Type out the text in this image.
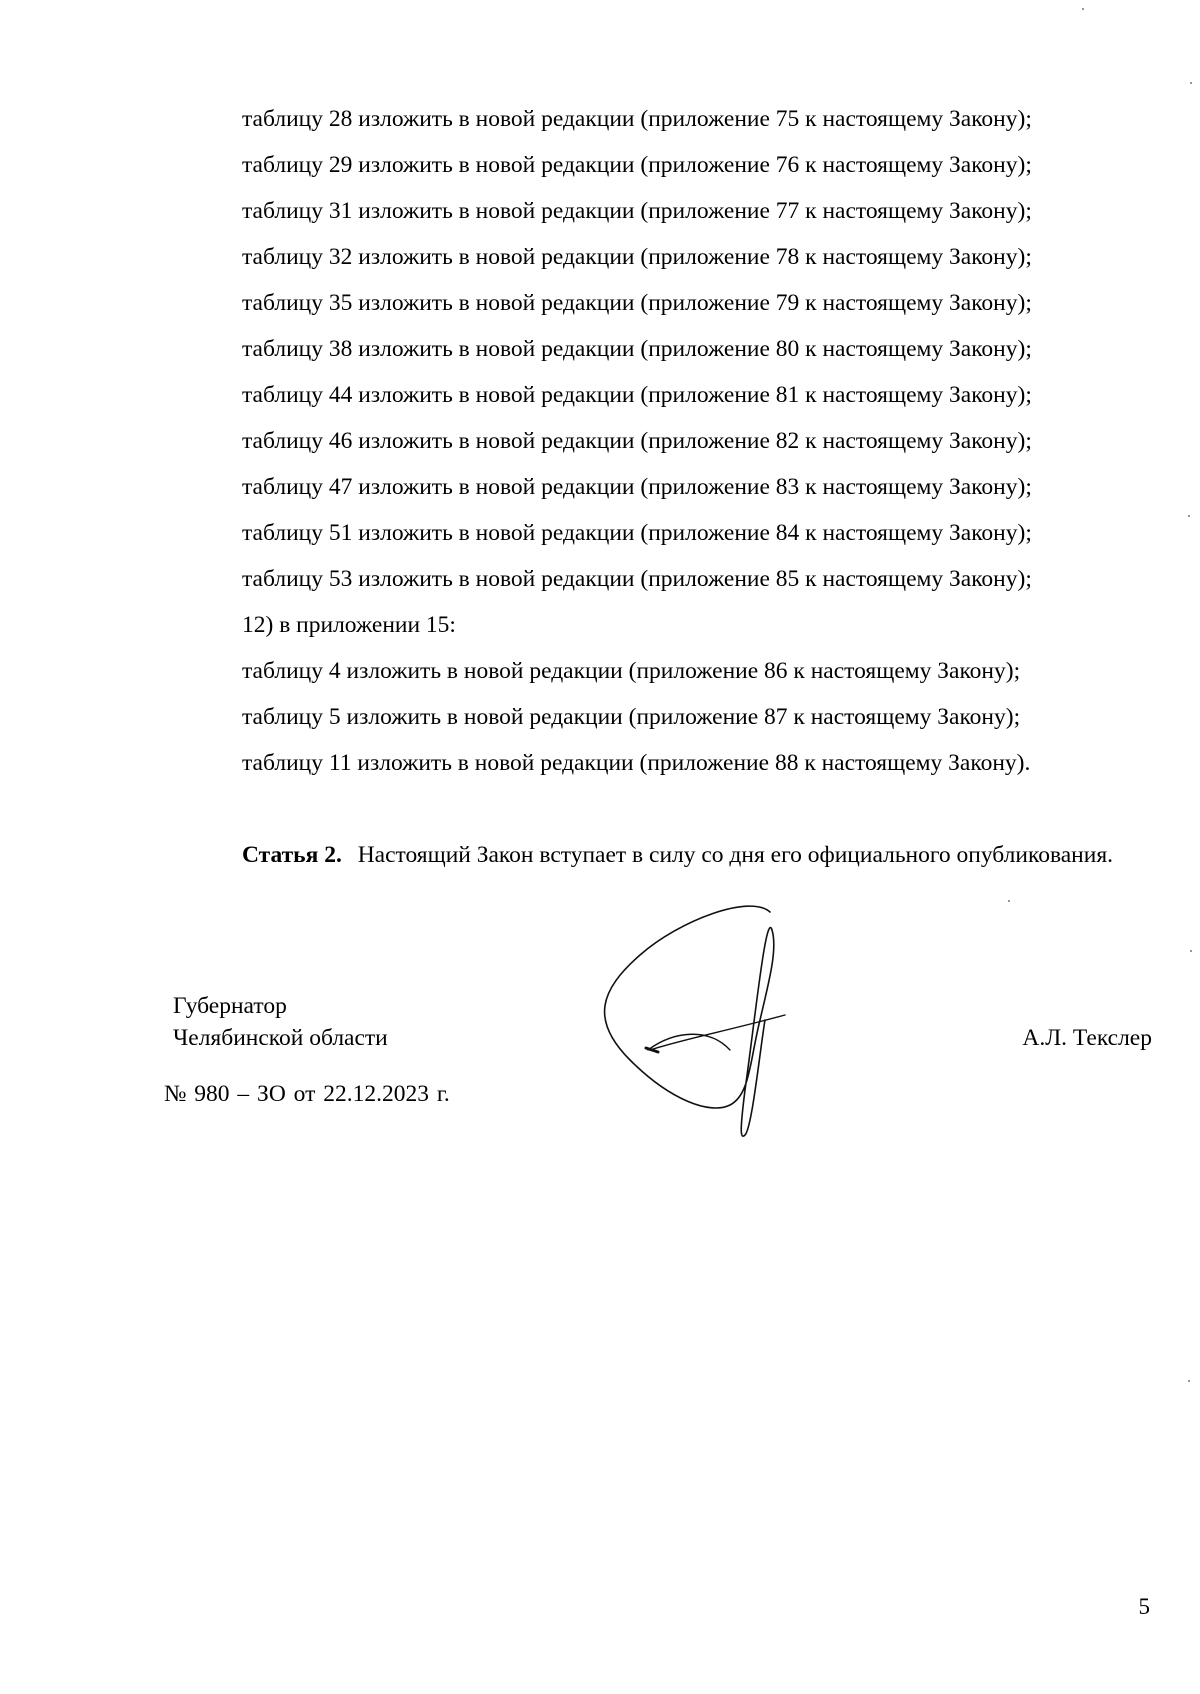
таблицу 28 изложить в новой редакции (приложение 75 к настоящему Закону);
таблицу 29 изложить в новой редакции (приложение 76 к настоящему Закону);
таблицу 31 изложить в новой редакции (приложение 77 к настоящему Закону);
таблицу 32 изложить в новой редакции (приложение 78 к настоящему Закону);
таблицу 35 изложить в новой редакции (приложение 79 к настоящему Закону);
таблицу 38 изложить в новой редакции (приложение 80 к настоящему Закону);
таблицу 44 изложить в новой редакции (приложение 81 к настоящему Закону);
таблицу 46 изложить в новой редакции (приложение 82 к настоящему Закону);
таблицу 47 изложить в новой редакции (приложение 83 к настоящему Закону);
таблицу 51 изложить в новой редакции (приложение 84 к настоящему Закону);
таблицу 53 изложить в новой редакции (приложение 85 к настоящему Закону);
12) в приложении 15:
таблицу 4 изложить в новой редакции (приложение 86 к настоящему Закону);
таблицу 5 изложить в новой редакции (приложение 87 к настоящему Закону);
таблицу 11 изложить в новой редакции (приложение 88 к настоящему Закону).
Статья 2. Настоящий Закон вступает в силу со дня его официального опубликования.
Губернатор
Челябинской области	А.Л. Текслер
№ 980 – ЗО от 22.12.2023 г.
5
